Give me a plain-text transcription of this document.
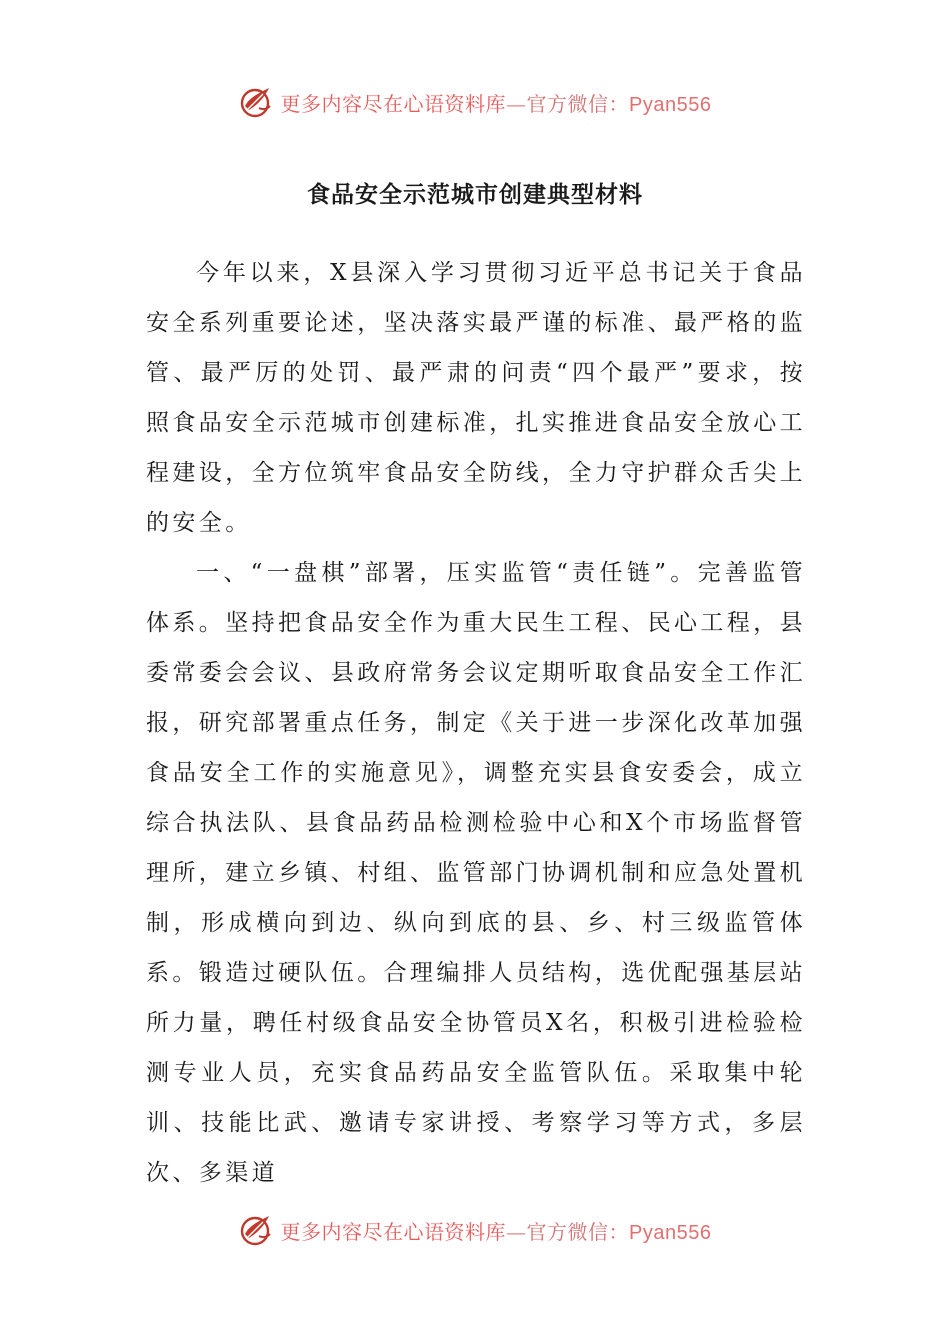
更多内容尽在心语资料库—官方微信：Pyan556
食品安全示范城市创建典型材料

今年以来，X县深入学习贯彻习近平总书记关于食品安全系列重要论述，坚决落实最严谨的标准、最严格的监管、最严厉的处罚、最严肃的问责“四个最严”要求，按照食品安全示范城市创建标准，扎实推进食品安全放心工程建设，全方位筑牢食品安全防线，全力守护群众舌尖上的安全。

一、“一盘棋”部署，压实监管“责任链”。完善监管体系。坚持把食品安全作为重大民生工程、民心工程，县委常委会会议、县政府常务会议定期听取食品安全工作汇报，研究部署重点任务，制定《关于进一步深化改革加强食品安全工作的实施意见》，调整充实县食安委会，成立综合执法队、县食品药品检测检验中心和X个市场监督管理所，建立乡镇、村组、监管部门协调机制和应急处置机制，形成横向到边、纵向到底的县、乡、村三级监管体系。锻造过硬队伍。合理编排人员结构，选优配强基层站所力量，聘任村级食品安全协管员X名，积极引进检验检测专业人员，充实食品药品安全监管队伍。采取集中轮训、技能比武、邀请专家讲授、考察学习等方式，多层次、多渠道

更多内容尽在心语资料库—官方微信：Pyan556
